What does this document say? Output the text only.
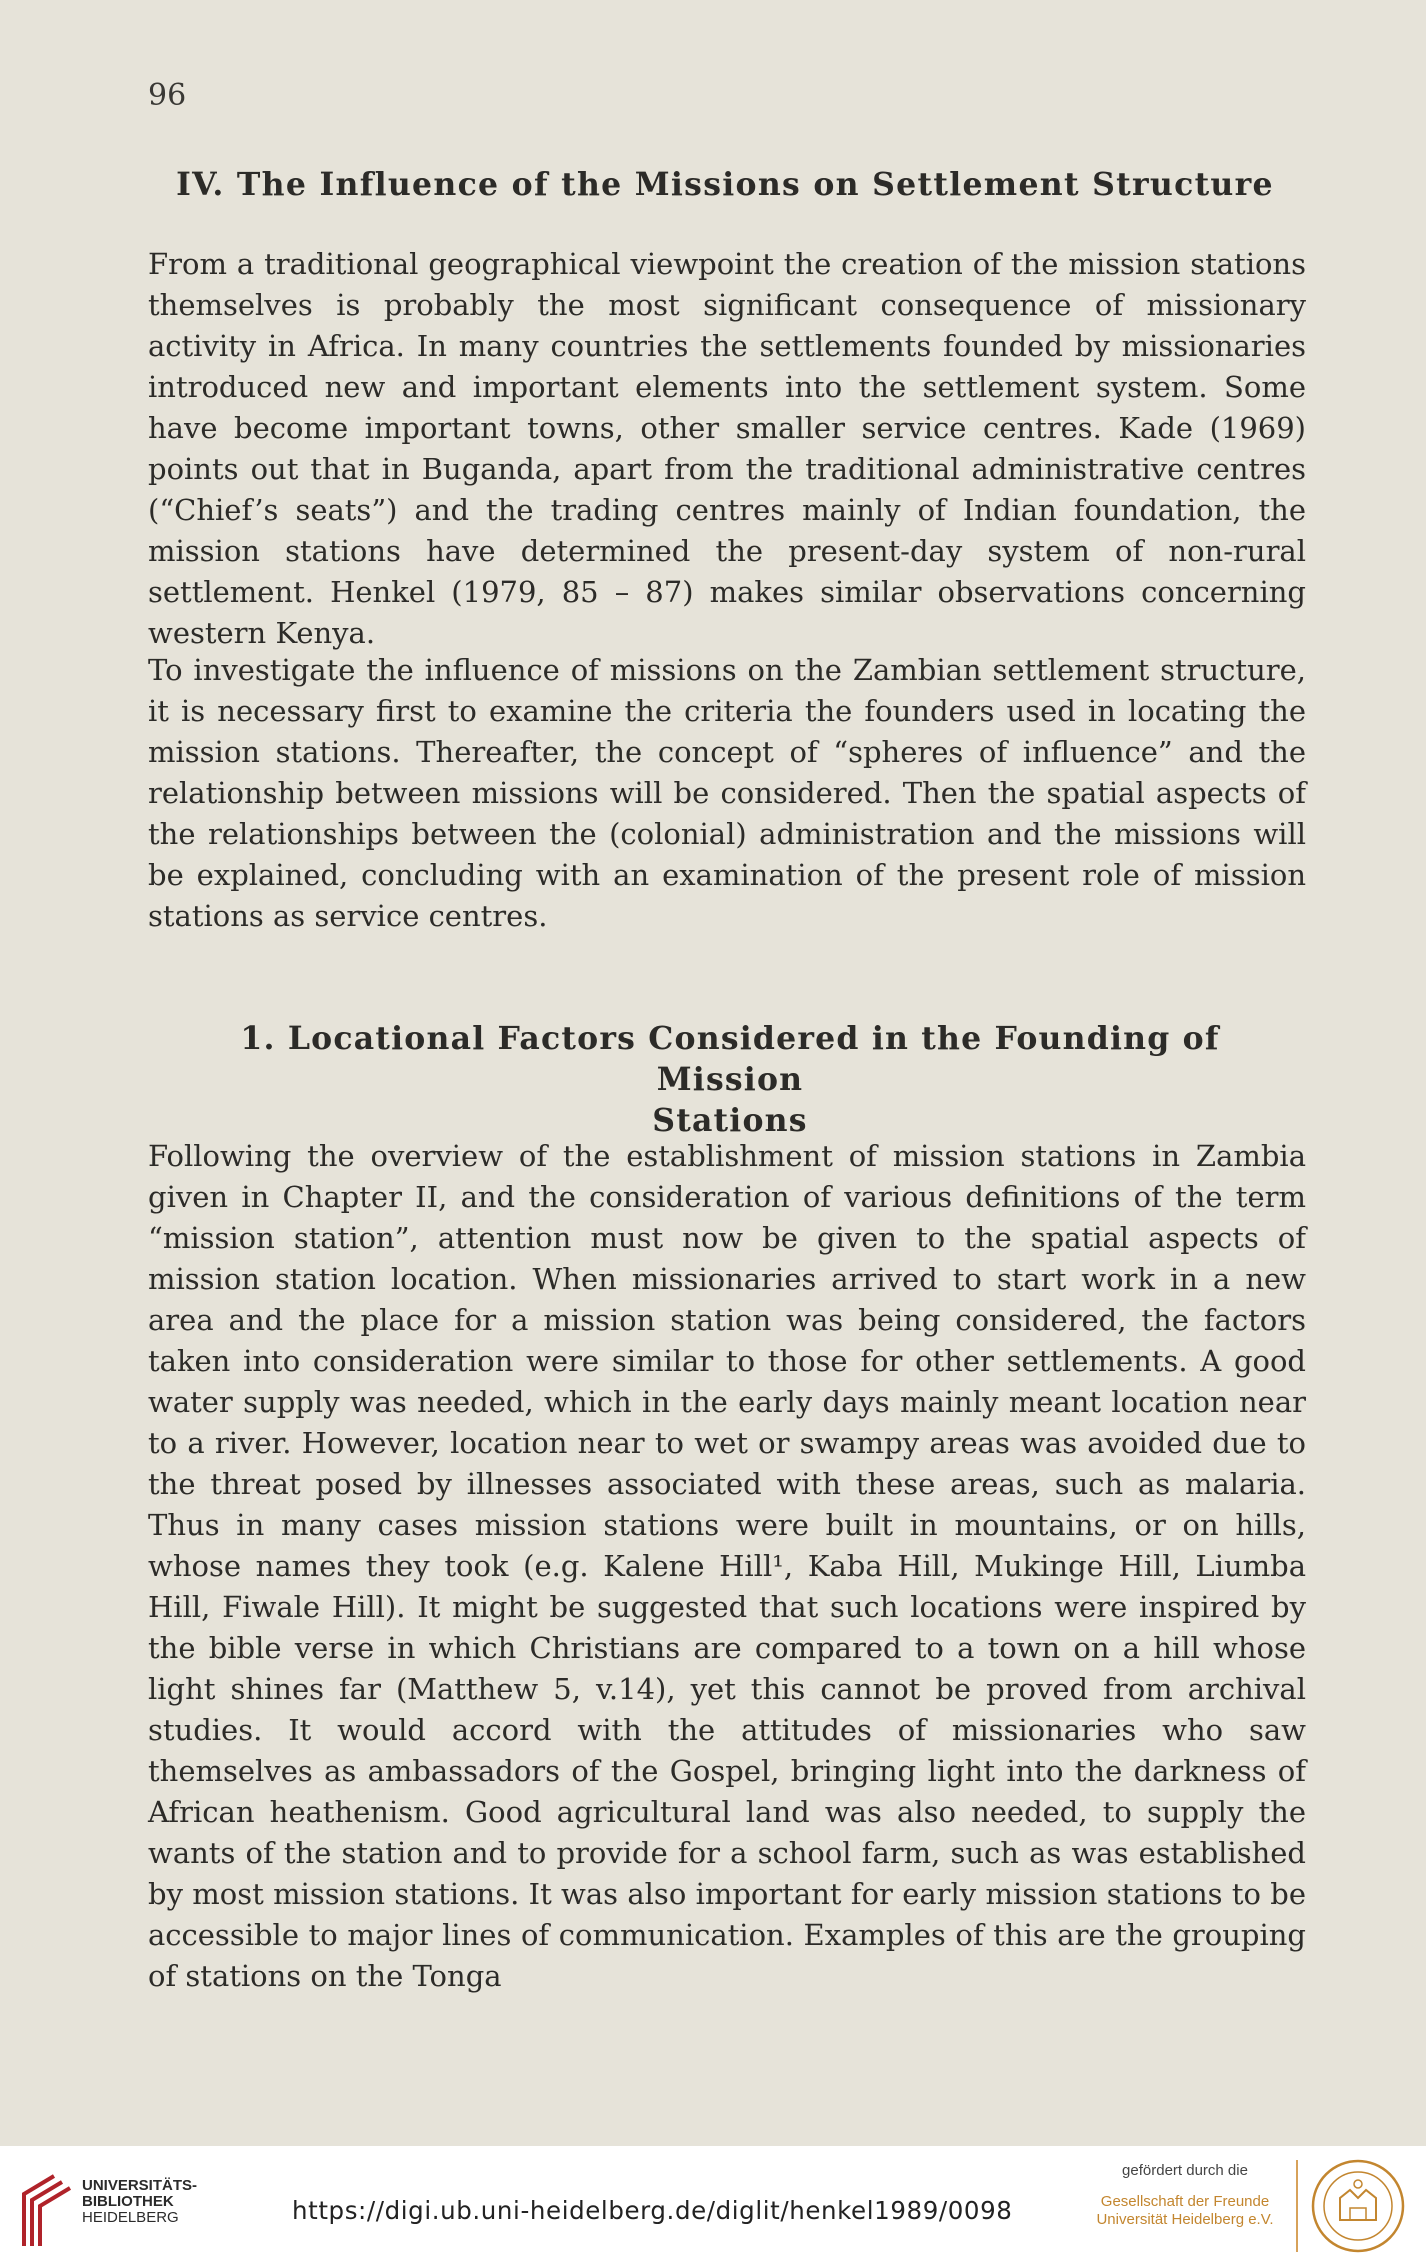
96
IV. The Influence of the Missions on Settlement Structure

From a traditional geographical viewpoint the creation of the mission stations themselves is probably the most significant consequence of missionary activity in Africa. In many countries the settlements founded by missionaries introduced new and important elements into the settlement system. Some have become important towns, other smaller service centres. Kade (1969) points out that in Buganda, apart from the traditional administrative centres (“Chief’s seats”) and the trading centres mainly of Indian foundation, the mission stations have determined the present-day system of non-rural settlement. Henkel (1979, 85 – 87) makes similar observations concerning western Kenya.

To investigate the influence of missions on the Zambian settlement structure, it is necessary first to examine the criteria the founders used in locating the mission stations. Thereafter, the concept of “spheres of influence” and the relationship between missions will be considered. Then the spatial aspects of the relationships between the (colonial) administration and the missions will be explained, concluding with an examination of the present role of mission stations as service centres.

1. Locational Factors Considered in the Founding of Mission
Stations

Following the overview of the establishment of mission stations in Zambia given in Chapter II, and the consideration of various definitions of the term “mission station”, attention must now be given to the spatial aspects of mission station location. When missionaries arrived to start work in a new area and the place for a mission station was being considered, the factors taken into consideration were similar to those for other settlements. A good water supply was needed, which in the early days mainly meant location near to a river. However, location near to wet or swampy areas was avoided due to the threat posed by illnesses associated with these areas, such as malaria. Thus in many cases mission stations were built in mountains, or on hills, whose names they took (e.g. Kalene Hill¹, Kaba Hill, Mukinge Hill, Liumba Hill, Fiwale Hill). It might be suggested that such locations were inspired by the bible verse in which Christians are compared to a town on a hill whose light shines far (Matthew 5, v.14), yet this cannot be proved from archival studies. It would accord with the attitudes of missionaries who saw themselves as ambassadors of the Gospel, bringing light into the darkness of African heathenism. Good agricultural land was also needed, to supply the wants of the station and to provide for a school farm, such as was established by most mission stations. It was also important for early mission stations to be accessible to major lines of communication. Examples of this are the grouping of stations on the Tonga

UNIVERSITÄTS-
BIBLIOTHEK
HEIDELBERG	https://digi.ub.uni-heidelberg.de/diglit/henkel1989/0098
gefördert durch die
Gesellschaft der Freunde
Universität Heidelberg e.V.
